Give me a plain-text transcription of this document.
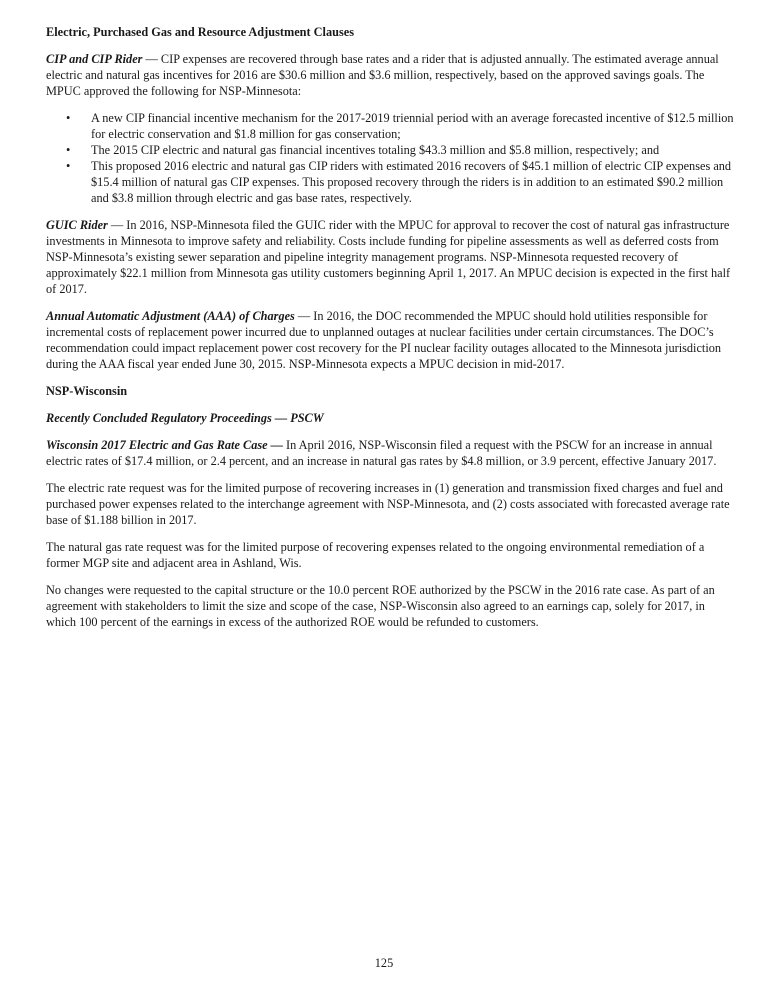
Electric, Purchased Gas and Resource Adjustment Clauses

CIP and CIP Rider — CIP expenses are recovered through base rates and a rider that is adjusted annually. The estimated average annual electric and natural gas incentives for 2016 are $30.6 million and $3.6 million, respectively, based on the approved savings goals. The MPUC approved the following for NSP-Minnesota:

• A new CIP financial incentive mechanism for the 2017-2019 triennial period with an average forecasted incentive of $12.5 million for electric conservation and $1.8 million for gas conservation;
• The 2015 CIP electric and natural gas financial incentives totaling $43.3 million and $5.8 million, respectively; and
• This proposed 2016 electric and natural gas CIP riders with estimated 2016 recovers of $45.1 million of electric CIP expenses and $15.4 million of natural gas CIP expenses. This proposed recovery through the riders is in addition to an estimated $90.2 million and $3.8 million through electric and gas base rates, respectively.

GUIC Rider — In 2016, NSP-Minnesota filed the GUIC rider with the MPUC for approval to recover the cost of natural gas infrastructure investments in Minnesota to improve safety and reliability. Costs include funding for pipeline assessments as well as deferred costs from NSP-Minnesota’s existing sewer separation and pipeline integrity management programs. NSP-Minnesota requested recovery of approximately $22.1 million from Minnesota gas utility customers beginning April 1, 2017. An MPUC decision is expected in the first half of 2017.

Annual Automatic Adjustment (AAA) of Charges — In 2016, the DOC recommended the MPUC should hold utilities responsible for incremental costs of replacement power incurred due to unplanned outages at nuclear facilities under certain circumstances. The DOC’s recommendation could impact replacement power cost recovery for the PI nuclear facility outages allocated to the Minnesota jurisdiction during the AAA fiscal year ended June 30, 2015. NSP-Minnesota expects a MPUC decision in mid-2017.

NSP-Wisconsin
Recently Concluded Regulatory Proceedings — PSCW

Wisconsin 2017 Electric and Gas Rate Case — In April 2016, NSP-Wisconsin filed a request with the PSCW for an increase in annual electric rates of $17.4 million, or 2.4 percent, and an increase in natural gas rates by $4.8 million, or 3.9 percent, effective January 2017.

The electric rate request was for the limited purpose of recovering increases in (1) generation and transmission fixed charges and fuel and purchased power expenses related to the interchange agreement with NSP-Minnesota, and (2) costs associated with forecasted average rate base of $1.188 billion in 2017.

The natural gas rate request was for the limited purpose of recovering expenses related to the ongoing environmental remediation of a former MGP site and adjacent area in Ashland, Wis.

No changes were requested to the capital structure or the 10.0 percent ROE authorized by the PSCW in the 2016 rate case. As part of an agreement with stakeholders to limit the size and scope of the case, NSP-Wisconsin also agreed to an earnings cap, solely for 2017, in which 100 percent of the earnings in excess of the authorized ROE would be refunded to customers.

125
